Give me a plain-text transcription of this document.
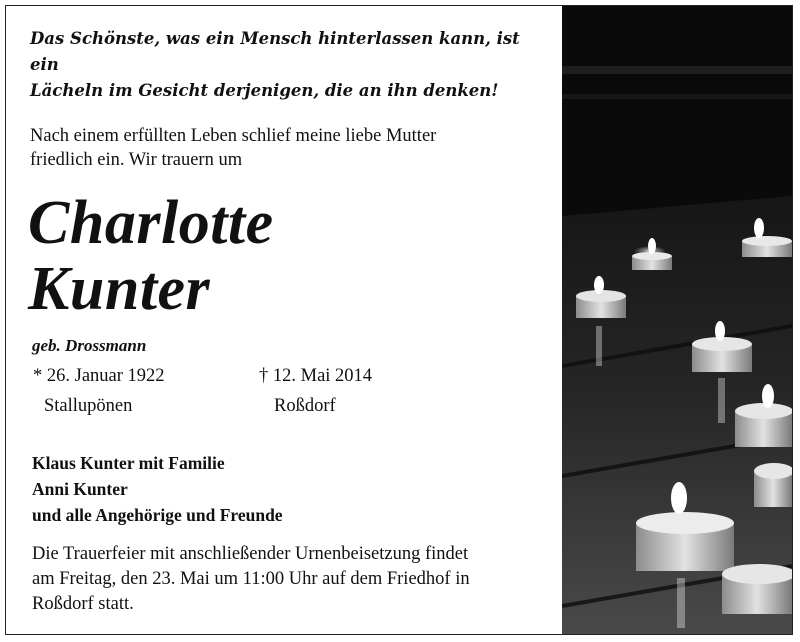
Das Schönste, was ein Mensch hinterlassen kann, ist ein
Lächeln im Gesicht derjenigen, die an ihn denken!

Nach einem erfüllten Leben schlief meine liebe Mutter
friedlich ein. Wir trauern um

Charlotte
Kunter
geb. Drossmann
* 26. Januar 1922	† 12. Mai 2014
Stallupönen	Roßdorf
Klaus Kunter mit Familie
Anni Kunter
und alle Angehörige und Freunde
Die Trauerfeier mit anschließender Urnenbeisetzung findet
am Freitag, den 23. Mai um 11:00 Uhr auf dem Friedhof in
Roßdorf statt.
